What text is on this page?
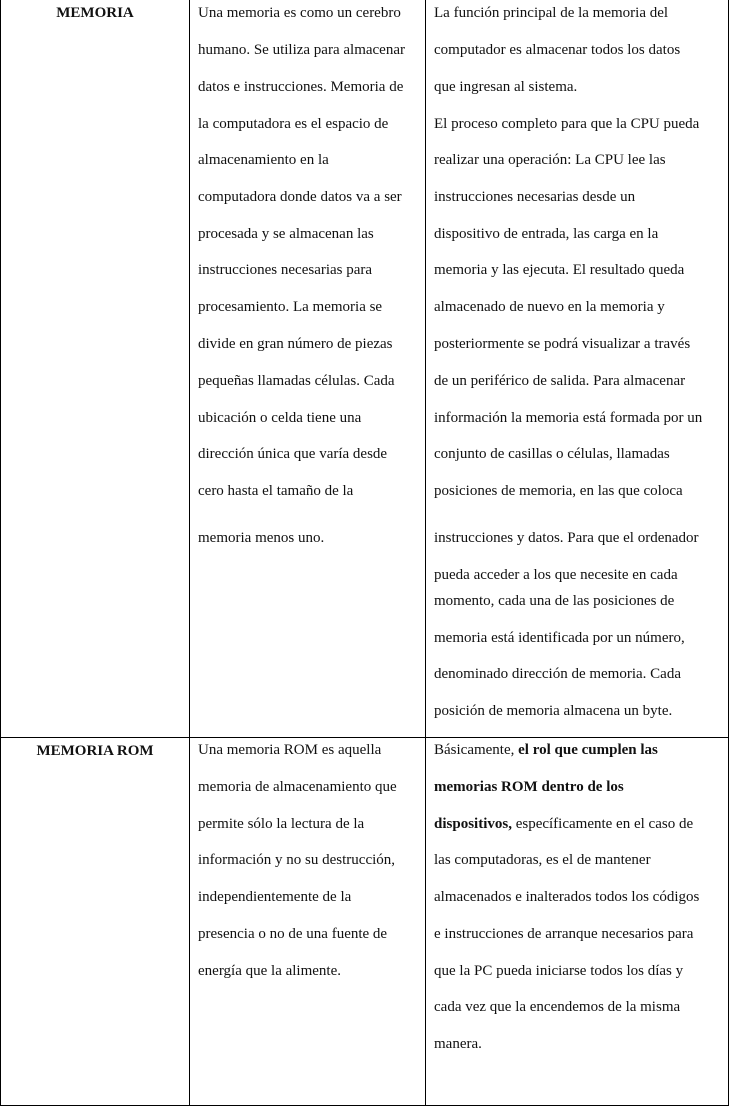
MEMORIA	Una memoria es como un cerebro
humano. Se utiliza para almacenar
datos e instrucciones. Memoria de
la computadora es el espacio de
almacenamiento en la
computadora donde datos va a ser
procesada y se almacenan las
instrucciones necesarias para
procesamiento. La memoria se
divide en gran número de piezas
pequeñas llamadas células. Cada
ubicación o celda tiene una
dirección única que varía desde
cero hasta el tamaño de la
memoria menos uno.
La función principal de la memoria del
computador es almacenar todos los datos
que ingresan al sistema.
El proceso completo para que la CPU pueda
realizar una operación: La CPU lee las
instrucciones necesarias desde un
dispositivo de entrada, las carga en la
memoria y las ejecuta. El resultado queda
almacenado de nuevo en la memoria y
posteriormente se podrá visualizar a través
de un periférico de salida. Para almacenar
información la memoria está formada por un
conjunto de casillas o células, llamadas
posiciones de memoria, en las que coloca
instrucciones y datos. Para que el ordenador
pueda acceder a los que necesite en cada
momento, cada una de las posiciones de
memoria está identificada por un número,
denominado dirección de memoria. Cada
posición de memoria almacena un byte.
MEMORIA ROM	Una memoria ROM es aquella
memoria de almacenamiento que
permite sólo la lectura de la
información y no su destrucción,
independientemente de la
presencia o no de una fuente de
energía que la alimente.
Básicamente, el rol que cumplen las
memorias ROM dentro de los
dispositivos, específicamente en el caso de
las computadoras, es el de mantener
almacenados e inalterados todos los códigos
e instrucciones de arranque necesarios para
que la PC pueda iniciarse todos los días y
cada vez que la encendemos de la misma
manera.
